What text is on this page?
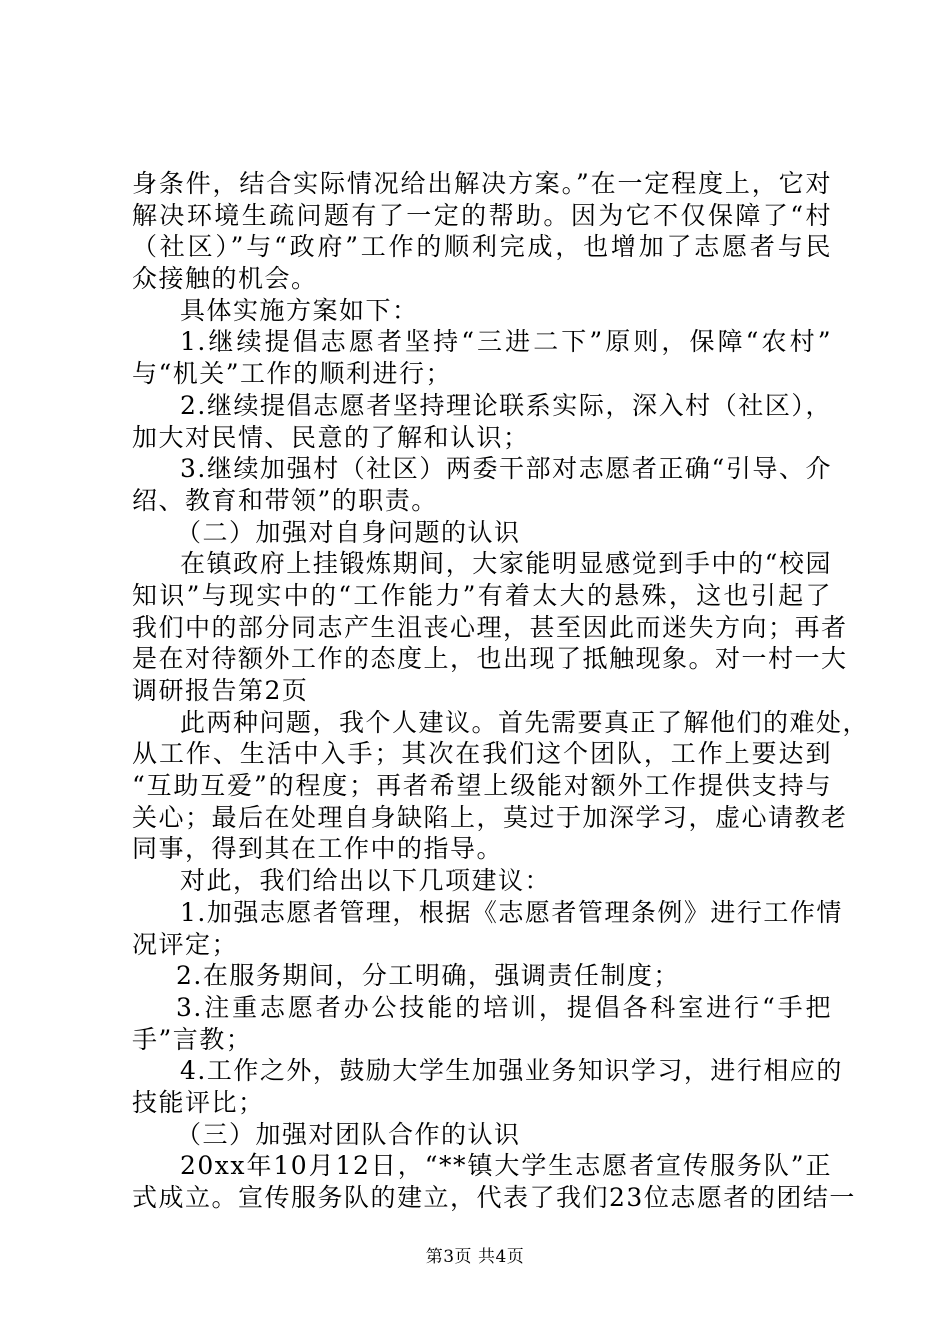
身条件，结合实际情况给出解决方案。”在一定程度上，它对
解决环境生疏问题有了一定的帮助。因为它不仅保障了“村
（社区）”与“政府”工作的顺利完成，也增加了志愿者与民
众接触的机会。
具体实施方案如下：
1.继续提倡志愿者坚持“三进二下”原则，保障“农村”
与“机关”工作的顺利进行；
2.继续提倡志愿者坚持理论联系实际，深入村（社区），
加大对民情、民意的了解和认识；
3.继续加强村（社区）两委干部对志愿者正确“引导、介
绍、教育和带领”的职责。
（二）加强对自身问题的认识
在镇政府上挂锻炼期间，大家能明显感觉到手中的“校园
知识”与现实中的“工作能力”有着太大的悬殊，这也引起了
我们中的部分同志产生沮丧心理，甚至因此而迷失方向；再者
是在对待额外工作的态度上，也出现了抵触现象。对一村一大
调研报告第2页
此两种问题，我个人建议。首先需要真正了解他们的难处，
从工作、生活中入手；其次在我们这个团队，工作上要达到
“互助互爱”的程度；再者希望上级能对额外工作提供支持与
关心；最后在处理自身缺陷上，莫过于加深学习，虚心请教老
同事，得到其在工作中的指导。
对此，我们给出以下几项建议：
1.加强志愿者管理，根据《志愿者管理条例》进行工作情
况评定；
2.在服务期间，分工明确，强调责任制度；
3.注重志愿者办公技能的培训，提倡各科室进行“手把
手”言教；
4.工作之外，鼓励大学生加强业务知识学习，进行相应的
技能评比；
（三）加强对团队合作的认识
20xx年10月12日，“**镇大学生志愿者宣传服务队”正
式成立。宣传服务队的建立，代表了我们23位志愿者的团结一
第3页 共4页
